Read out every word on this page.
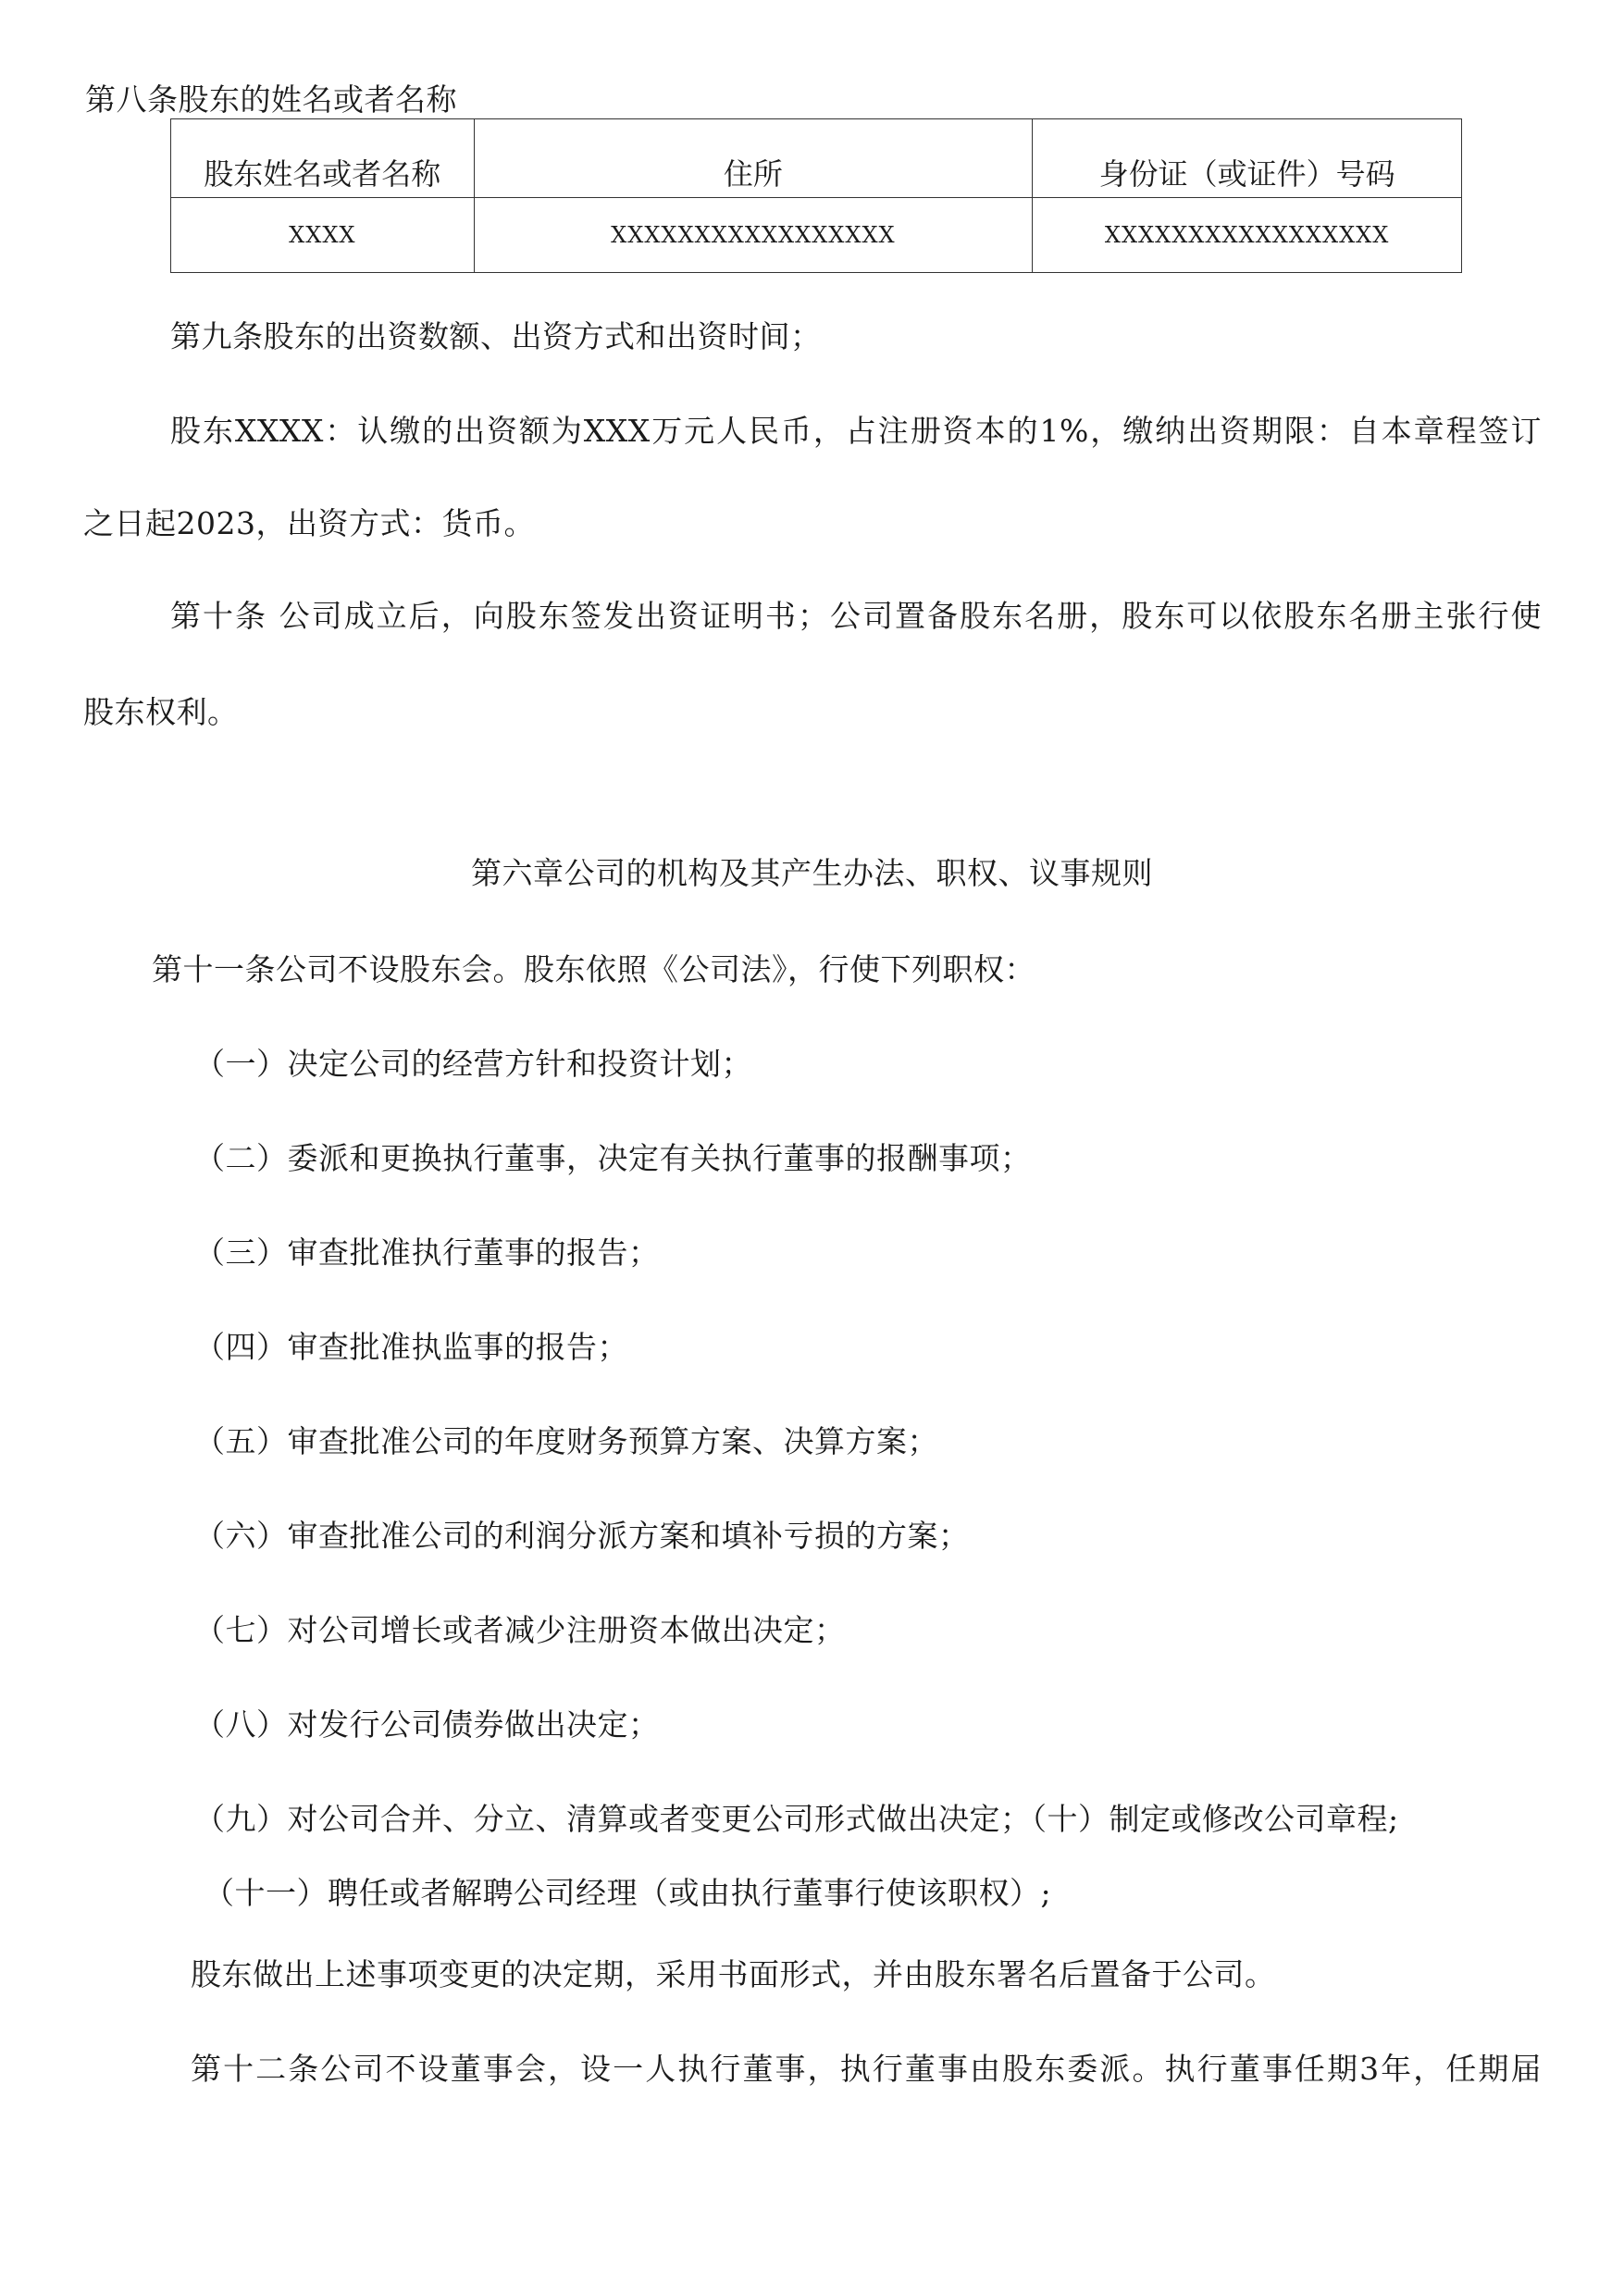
第八条股东的姓名或者名称
股东姓名或者名称	住所	身份证（或证件）号码
XXXX	XXXXXXXXXXXXXXXXX	XXXXXXXXXXXXXXXXX
第九条股东的出资数额、出资方式和出资时间；
股东XXXX：认缴的出资额为XXX万元人民币，占注册资本的1%，缴纳出资期限：自本章程签订
之日起2023，出资方式：货币。
第十条 公司成立后，向股东签发出资证明书；公司置备股东名册，股东可以依股东名册主张行使
股东权利。
第六章公司的机构及其产生办法、职权、议事规则
第十一条公司不设股东会。股东依照《公司法》，行使下列职权：
（一）决定公司的经营方针和投资计划；
（二）委派和更换执行董事，决定有关执行董事的报酬事项；
（三）审查批准执行董事的报告；
（四）审查批准执监事的报告；
（五）审查批准公司的年度财务预算方案、决算方案；
（六）审查批准公司的利润分派方案和填补亏损的方案；
（七）对公司增长或者减少注册资本做出决定；
（八）对发行公司债券做出决定；
（九）对公司合并、分立、清算或者变更公司形式做出决定；（十）制定或修改公司章程;
（十一）聘任或者解聘公司经理（或由执行董事行使该职权）;
股东做出上述事项变更的决定期，采用书面形式，并由股东署名后置备于公司。
第十二条公司不设董事会，设一人执行董事，执行董事由股东委派。执行董事任期3年，任期届
